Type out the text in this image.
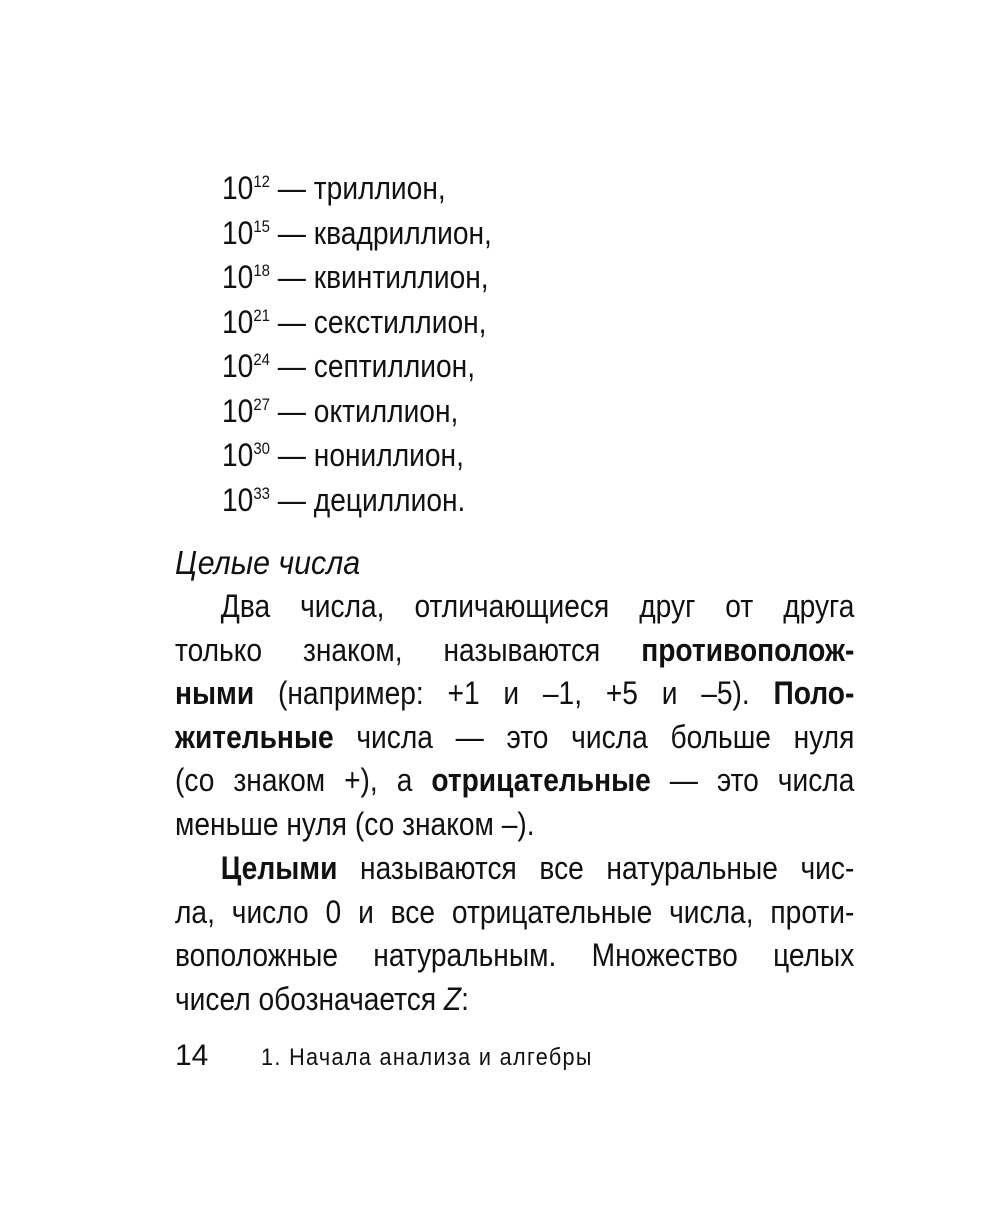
$10^{12}$ — триллион,
$10^{15}$ — квадриллион,
$10^{18}$ — квинтиллион,
$10^{21}$ — секстиллион,
$10^{24}$ — септиллион,
$10^{27}$ — октиллион,
$10^{30}$ — нониллион,
$10^{33}$ — дециллион.
Целые числа
Два числа, отличающиеся друг от друга
только знаком, называются противополож-
ными (например: +1 и –1, +5 и –5). Поло-
жительные числа — это числа больше нуля
(со знаком +), а отрицательные — это числа
меньше нуля (со знаком –).
Целыми называются все натуральные чис-
ла, число 0 и все отрицательные числа, проти-
воположные натуральным. Множество целых
чисел обозначается Z:
14 1. Начала анализа и алгебры
